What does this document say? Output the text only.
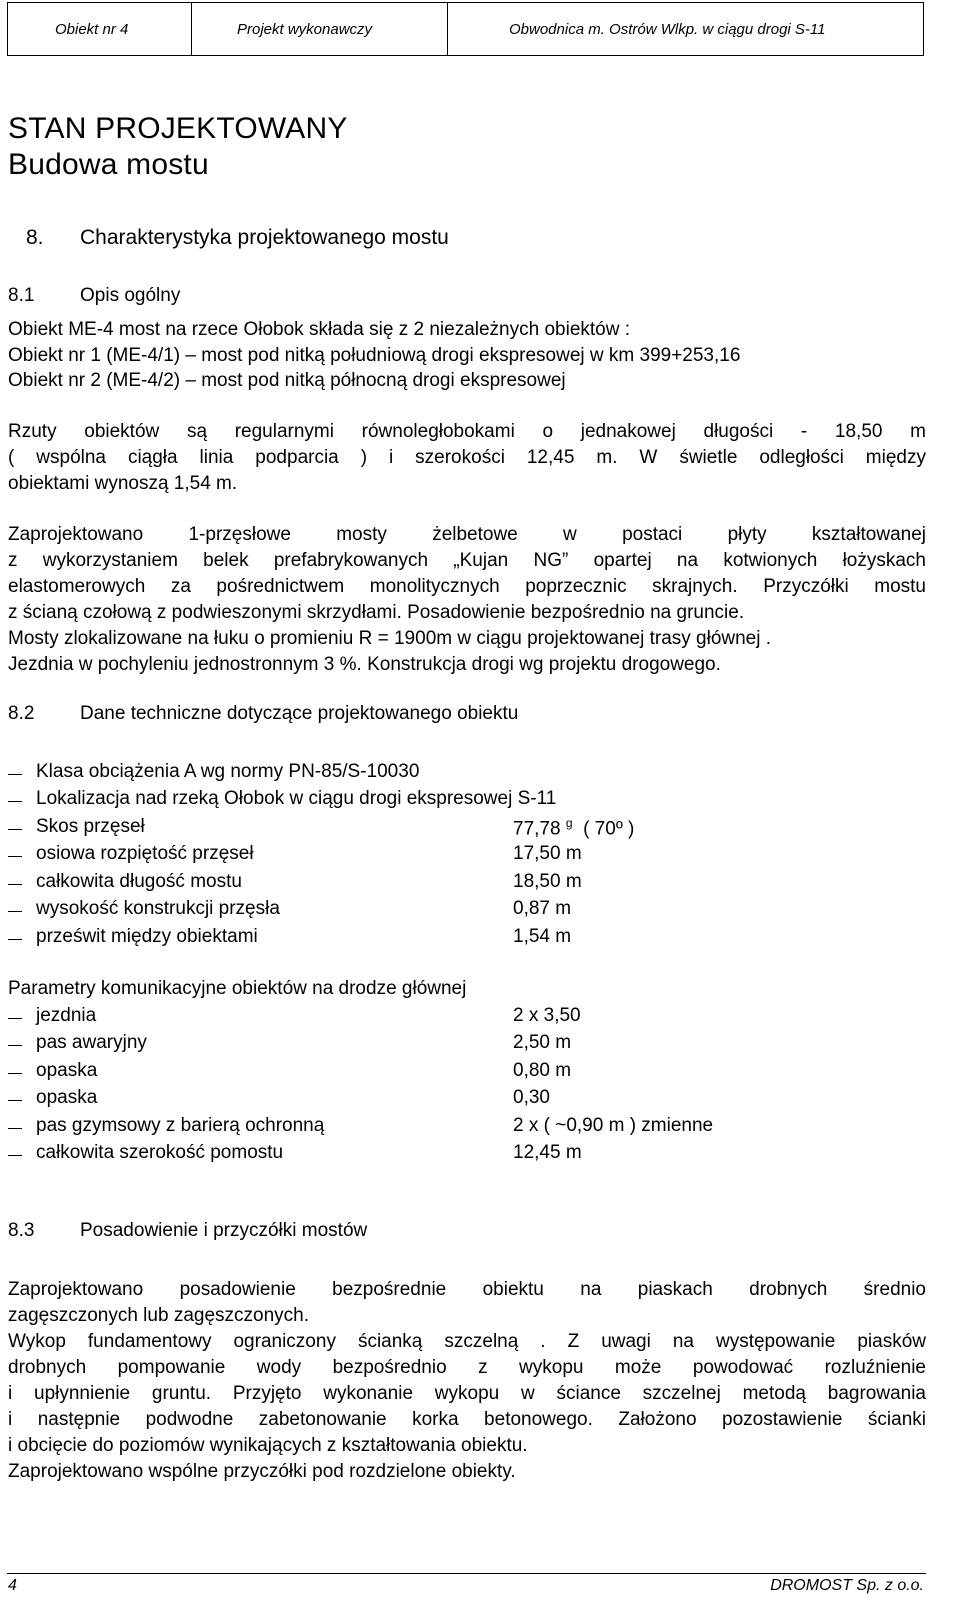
Obiekt nr 4	Projekt wykonawczy	Obwodnica m. Ostrów Wlkp. w ciągu drogi S-11
STAN PROJEKTOWANY
Budowa mostu
8. Charakterystyka projektowanego mostu
8.1 Opis ogólny
Obiekt ME-4 most na rzece Ołobok składa się z 2 niezależnych obiektów :
Obiekt nr 1 (ME-4/1) – most pod nitką południową drogi ekspresowej w km 399+253,16
Obiekt nr 2 (ME-4/2) – most pod nitką północną drogi ekspresowej
Rzuty obiektów są regularnymi równoległobokami o jednakowej długości - 18,50 m
( wspólna ciągła linia podparcia ) i szerokości 12,45 m. W świetle odległości między
obiektami wynoszą 1,54 m.
Zaprojektowano 1-przęsłowe mosty żelbetowe w postaci płyty kształtowanej
z wykorzystaniem belek prefabrykowanych „Kujan NG” opartej na kotwionych łożyskach
elastomerowych za pośrednictwem monolitycznych poprzecznic skrajnych. Przyczółki mostu
z ścianą czołową z podwieszonymi skrzydłami. Posadowienie bezpośrednio na gruncie.
Mosty zlokalizowane na łuku o promieniu R = 1900m w ciągu projektowanej trasy głównej .
Jezdnia w pochyleniu jednostronnym 3 %. Konstrukcja drogi wg projektu drogowego.
8.2 Dane techniczne dotyczące projektowanego obiektu
Klasa obciążenia A wg normy PN-85/S-10030
Lokalizacja nad rzeką Ołobok w ciągu drogi ekspresowej S-11
Skos przęseł	77,78 $^g$ ( 70º )
osiowa rozpiętość przęseł	17,50 m
całkowita długość mostu	18,50 m
wysokość konstrukcji przęsła	0,87 m
prześwit między obiektami	1,54 m
Parametry komunikacyjne obiektów na drodze głównej
jezdnia	2 x 3,50
pas awaryjny	2,50 m
opaska	0,80 m
opaska	0,30
pas gzymsowy z barierą ochronną	2 x ( ~0,90 m ) zmienne
całkowita szerokość pomostu	12,45 m
8.3 Posadowienie i przyczółki mostów
Zaprojektowano posadowienie bezpośrednie obiektu na piaskach drobnych średnio
zagęszczonych lub zagęszczonych.
Wykop fundamentowy ograniczony ścianką szczelną . Z uwagi na występowanie piasków
drobnych pompowanie wody bezpośrednio z wykopu może powodować rozluźnienie
i upłynnienie gruntu. Przyjęto wykonanie wykopu w ściance szczelnej metodą bagrowania
i następnie podwodne zabetonowanie korka betonowego. Założono pozostawienie ścianki
i obcięcie do poziomów wynikających z kształtowania obiektu.
Zaprojektowano wspólne przyczółki pod rozdzielone obiekty.
4	DROMOST Sp. z o.o.
